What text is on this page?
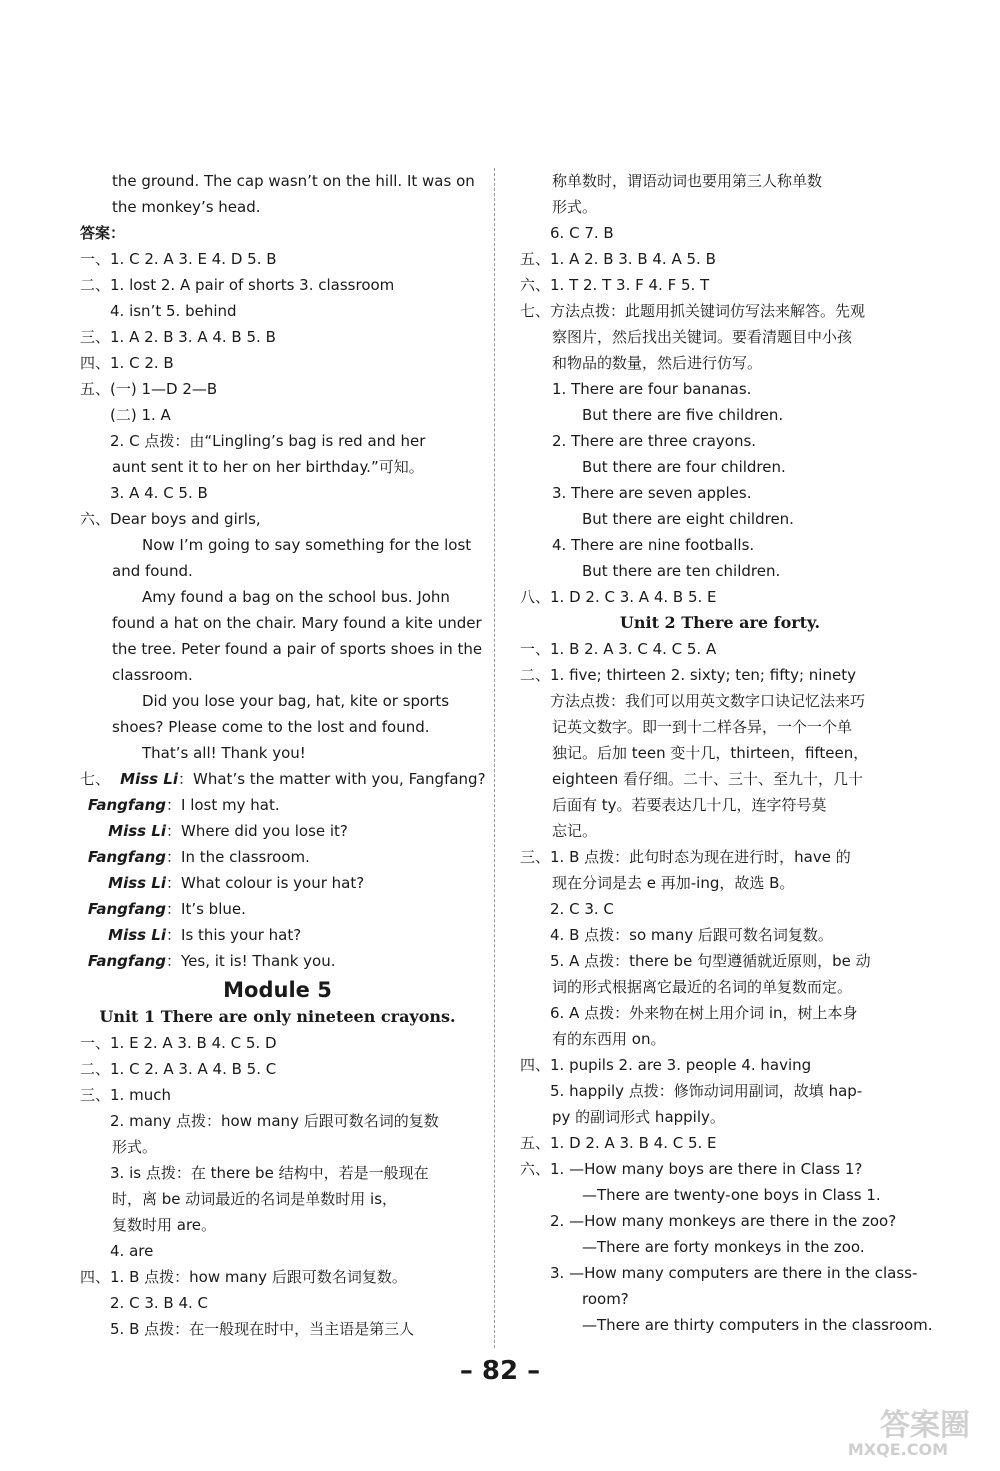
the ground. The cap wasn’t on the hill. It was on
the monkey’s head.
答案：
一、1. C 2. A 3. E 4. D 5. B
二、1. lost 2. A pair of shorts 3. classroom
4. isn’t 5. behind
三、1. A 2. B 3. A 4. B 5. B
四、1. C 2. B
五、(一) 1—D 2—B
(二) 1. A
2. C 点拨：由“Lingling’s bag is red and her
aunt sent it to her on her birthday.”可知。
3. A 4. C 5. B
六、Dear boys and girls,
Now I’m going to say something for the lost
and found.
Amy found a bag on the school bus. John
found a hat on the chair. Mary found a kite under
the tree. Peter found a pair of sports shoes in the
classroom.
Did you lose your bag, hat, kite or sports
shoes? Please come to the lost and found.
That’s all! Thank you!
七、 Miss Li：What’s the matter with you, Fangfang?
Fangfang：I lost my hat.
Miss Li：Where did you lose it?
Fangfang：In the classroom.
Miss Li：What colour is your hat?
Fangfang：It’s blue.
Miss Li：Is this your hat?
Fangfang：Yes, it is! Thank you.
Module 5
Unit 1 There are only nineteen crayons.
一、1. E 2. A 3. B 4. C 5. D
二、1. C 2. A 3. A 4. B 5. C
三、1. much
2. many 点拨：how many 后跟可数名词的复数
形式。
3. is 点拨：在 there be 结构中，若是一般现在
时，离 be 动词最近的名词是单数时用 is，
复数时用 are。
4. are
四、1. B 点拨：how many 后跟可数名词复数。
2. C 3. B 4. C
5. B 点拨：在一般现在时中，当主语是第三人
称单数时，谓语动词也要用第三人称单数
形式。
6. C 7. B
五、1. A 2. B 3. B 4. A 5. B
六、1. T 2. T 3. F 4. F 5. T
七、方法点拨：此题用抓关键词仿写法来解答。先观
察图片，然后找出关键词。要看清题目中小孩
和物品的数量，然后进行仿写。
1. There are four bananas.
But there are five children.
2. There are three crayons.
But there are four children.
3. There are seven apples.
But there are eight children.
4. There are nine footballs.
But there are ten children.
八、1. D 2. C 3. A 4. B 5. E
Unit 2 There are forty.
一、1. B 2. A 3. C 4. C 5. A
二、1. five; thirteen 2. sixty; ten; fifty; ninety
方法点拨：我们可以用英文数字口诀记忆法来巧
记英文数字。即一到十二样各异，一个一个单
独记。后加 teen 变十几，thirteen，fifteen，
eighteen 看仔细。二十、三十、至九十，几十
后面有 ty。若要表达几十几，连字符号莫
忘记。
三、1. B 点拨：此句时态为现在进行时，have 的
现在分词是去 e 再加-ing，故选 B。
2. C 3. C
4. B 点拨：so many 后跟可数名词复数。
5. A 点拨：there be 句型遵循就近原则，be 动
词的形式根据离它最近的名词的单复数而定。
6. A 点拨：外来物在树上用介词 in，树上本身
有的东西用 on。
四、1. pupils 2. are 3. people 4. having
5. happily 点拨：修饰动词用副词，故填 hap-
py 的副词形式 happily。
五、1. D 2. A 3. B 4. C 5. E
六、1. —How many boys are there in Class 1?
—There are twenty-one boys in Class 1.
2. —How many monkeys are there in the zoo?
—There are forty monkeys in the zoo.
3. —How many computers are there in the class-
room?
—There are thirty computers in the classroom.
– 82 –
答案圈
MXQE.COM
